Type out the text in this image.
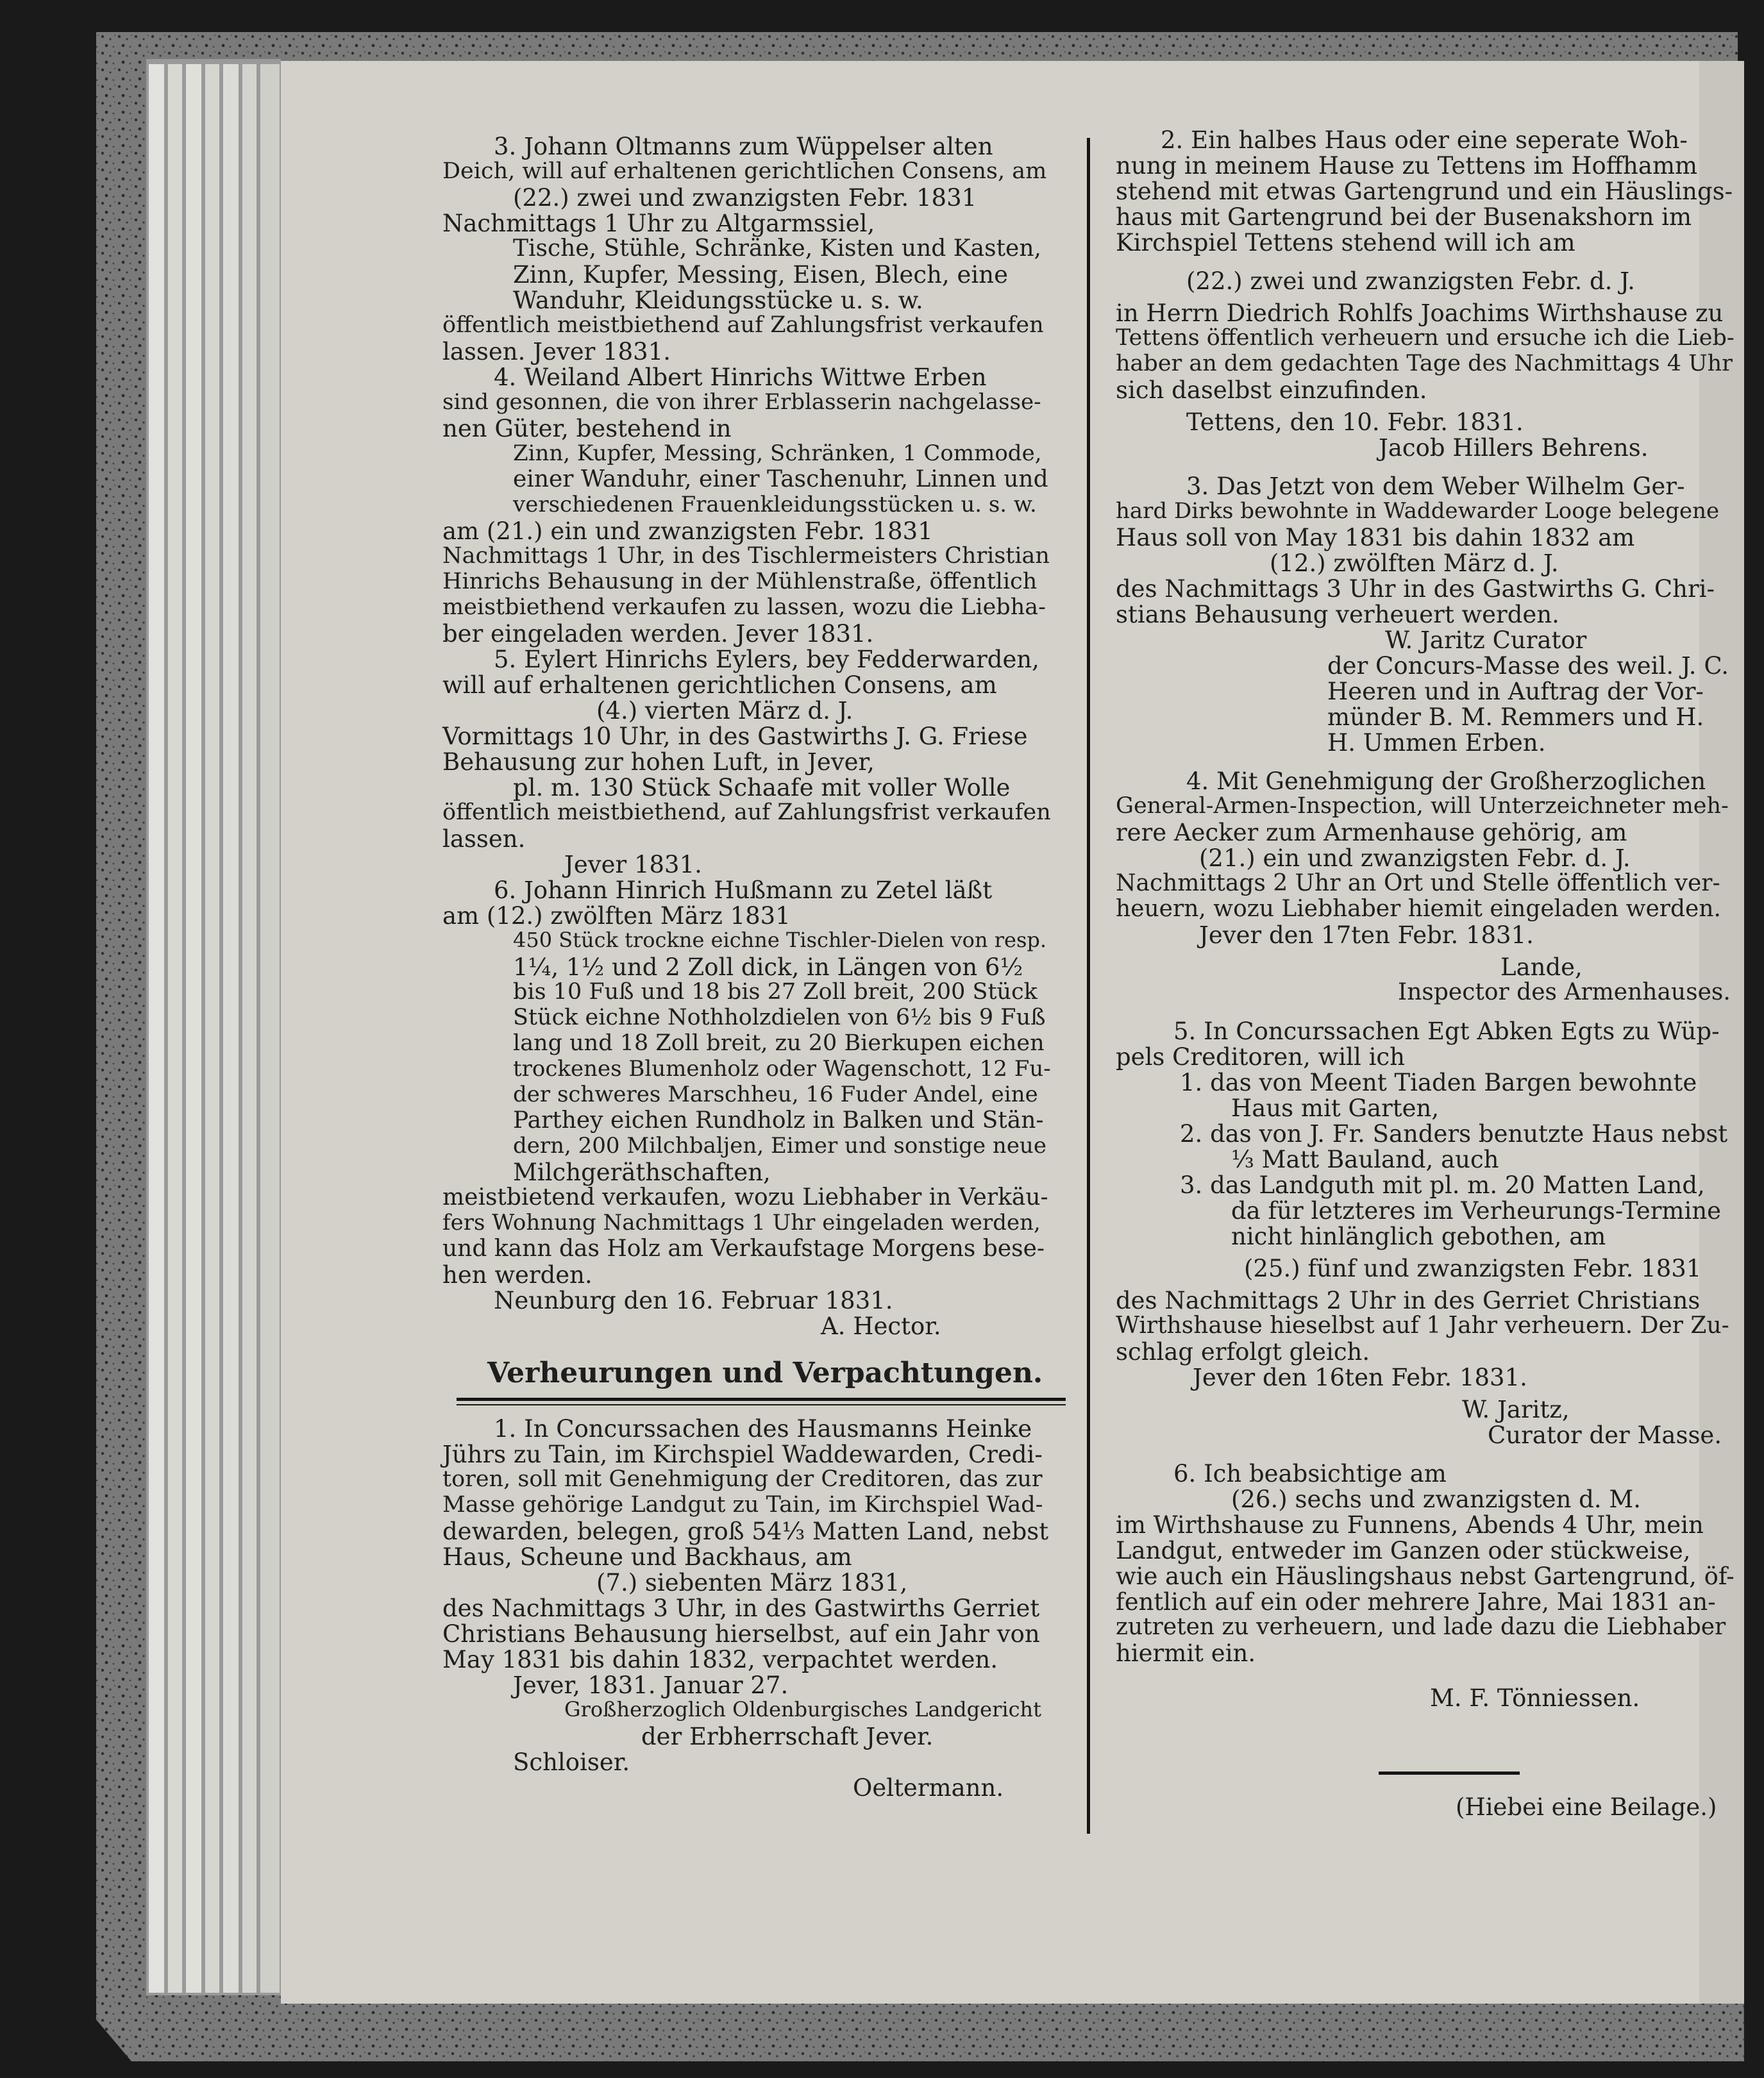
3. Johann Oltmanns zum Wüppelser alten
Deich, will auf erhaltenen gerichtlichen Consens, am
(22.) zwei und zwanzigsten Febr. 1831
Nachmittags 1 Uhr zu Altgarmssiel,
Tische, Stühle, Schränke, Kisten und Kasten,
Zinn, Kupfer, Messing, Eisen, Blech, eine
Wanduhr, Kleidungsstücke u. s. w.
öffentlich meistbiethend auf Zahlungsfrist verkaufen
lassen. Jever 1831.
4. Weiland Albert Hinrichs Wittwe Erben
sind gesonnen, die von ihrer Erblasserin nachgelasse-
nen Güter, bestehend in
Zinn, Kupfer, Messing, Schränken, 1 Commode,
einer Wanduhr, einer Taschenuhr, Linnen und
verschiedenen Frauenkleidungsstücken u. s. w.
am (21.) ein und zwanzigsten Febr. 1831
Nachmittags 1 Uhr, in des Tischlermeisters Christian
Hinrichs Behausung in der Mühlenstraße, öffentlich
meistbiethend verkaufen zu lassen, wozu die Liebha-
ber eingeladen werden. Jever 1831.
5. Eylert Hinrichs Eylers, bey Fedderwarden,
will auf erhaltenen gerichtlichen Consens, am
(4.) vierten März d. J.
Vormittags 10 Uhr, in des Gastwirths J. G. Friese
Behausung zur hohen Luft, in Jever,
pl. m. 130 Stück Schaafe mit voller Wolle
öffentlich meistbiethend, auf Zahlungsfrist verkaufen
lassen.
Jever 1831.
6. Johann Hinrich Hußmann zu Zetel läßt
am (12.) zwölften März 1831
450 Stück trockne eichne Tischler-Dielen von resp.
1¼, 1½ und 2 Zoll dick, in Längen von 6½
bis 10 Fuß und 18 bis 27 Zoll breit, 200 Stück
Stück eichne Nothholzdielen von 6½ bis 9 Fuß
lang und 18 Zoll breit, zu 20 Bierkupen eichen
trockenes Blumenholz oder Wagenschott, 12 Fu-
der schweres Marschheu, 16 Fuder Andel, eine
Parthey eichen Rundholz in Balken und Stän-
dern, 200 Milchbaljen, Eimer und sonstige neue
Milchgeräthschaften,
meistbietend verkaufen, wozu Liebhaber in Verkäu-
fers Wohnung Nachmittags 1 Uhr eingeladen werden,
und kann das Holz am Verkaufstage Morgens bese-
hen werden.
Neunburg den 16. Februar 1831.
A. Hector.
Verheurungen und Verpachtungen.
1. In Concurssachen des Hausmanns Heinke
Jührs zu Tain, im Kirchspiel Waddewarden, Credi-
toren, soll mit Genehmigung der Creditoren, das zur
Masse gehörige Landgut zu Tain, im Kirchspiel Wad-
dewarden, belegen, groß 54⅓ Matten Land, nebst
Haus, Scheune und Backhaus, am
(7.) siebenten März 1831,
des Nachmittags 3 Uhr, in des Gastwirths Gerriet
Christians Behausung hierselbst, auf ein Jahr von
May 1831 bis dahin 1832, verpachtet werden.
Jever, 1831. Januar 27.
Großherzoglich Oldenburgisches Landgericht
der Erbherrschaft Jever.
Schloiser.
Oeltermann.
2. Ein halbes Haus oder eine seperate Woh-
nung in meinem Hause zu Tettens im Hoffhamm
stehend mit etwas Gartengrund und ein Häuslings-
haus mit Gartengrund bei der Busenakshorn im
Kirchspiel Tettens stehend will ich am
(22.) zwei und zwanzigsten Febr. d. J.
in Herrn Diedrich Rohlfs Joachims Wirthshause zu
Tettens öffentlich verheuern und ersuche ich die Lieb-
haber an dem gedachten Tage des Nachmittags 4 Uhr
sich daselbst einzufinden.
Tettens, den 10. Febr. 1831.
Jacob Hillers Behrens.
3. Das Jetzt von dem Weber Wilhelm Ger-
hard Dirks bewohnte in Waddewarder Looge belegene
Haus soll von May 1831 bis dahin 1832 am
(12.) zwölften März d. J.
des Nachmittags 3 Uhr in des Gastwirths G. Chri-
stians Behausung verheuert werden.
W. Jaritz Curator
der Concurs-Masse des weil. J. C.
Heeren und in Auftrag der Vor-
münder B. M. Remmers und H.
H. Ummen Erben.
4. Mit Genehmigung der Großherzoglichen
General-Armen-Inspection, will Unterzeichneter meh-
rere Aecker zum Armenhause gehörig, am
(21.) ein und zwanzigsten Febr. d. J.
Nachmittags 2 Uhr an Ort und Stelle öffentlich ver-
heuern, wozu Liebhaber hiemit eingeladen werden.
Jever den 17ten Febr. 1831.
Lande,
Inspector des Armenhauses.
5. In Concurssachen Egt Abken Egts zu Wüp-
pels Creditoren, will ich
1. das von Meent Tiaden Bargen bewohnte
Haus mit Garten,
2. das von J. Fr. Sanders benutzte Haus nebst
⅓ Matt Bauland, auch
3. das Landguth mit pl. m. 20 Matten Land,
da für letzteres im Verheurungs-Termine
nicht hinlänglich gebothen, am
(25.) fünf und zwanzigsten Febr. 1831
des Nachmittags 2 Uhr in des Gerriet Christians
Wirthshause hieselbst auf 1 Jahr verheuern. Der Zu-
schlag erfolgt gleich.
Jever den 16ten Febr. 1831.
W. Jaritz,
Curator der Masse.
6. Ich beabsichtige am
(26.) sechs und zwanzigsten d. M.
im Wirthshause zu Funnens, Abends 4 Uhr, mein
Landgut, entweder im Ganzen oder stückweise,
wie auch ein Häuslingshaus nebst Gartengrund, öf-
fentlich auf ein oder mehrere Jahre, Mai 1831 an-
zutreten zu verheuern, und lade dazu die Liebhaber
hiermit ein.
M. F. Tönniessen.
(Hiebei eine Beilage.)
